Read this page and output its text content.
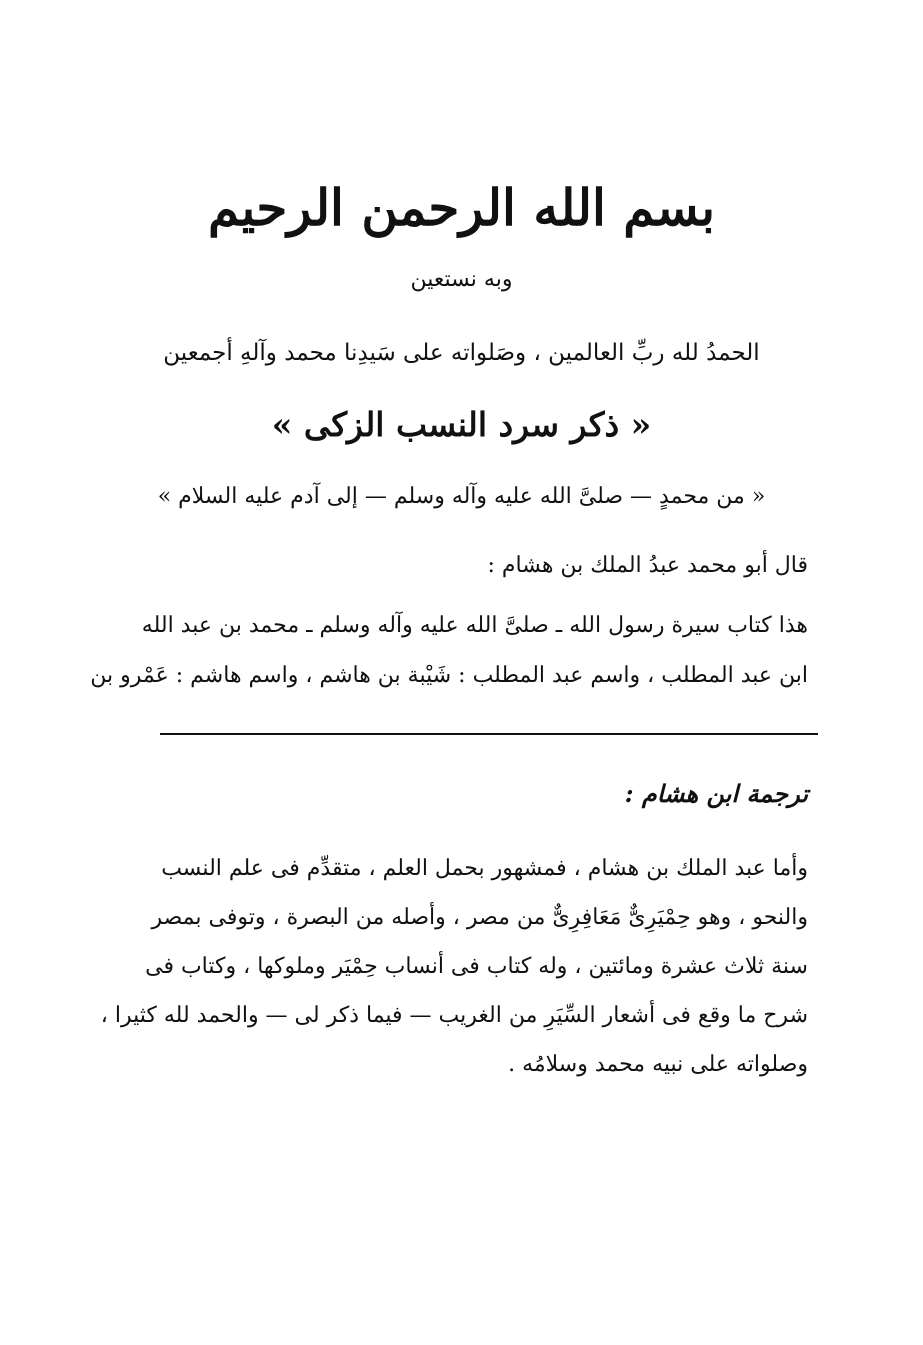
بسم الله الرحمن الرحيم
وبه نستعين
الحمدُ لله ربِّ العالمين ، وصَلواته على سَيدِنا محمد وآلهِ أجمعين
« ذكر سرد النسب الزكى »
« من محمدٍ — صلىَّ الله عليه وآله وسلم — إلى آدم عليه السلام »
قال أبو محمد عبدُ الملك بن هشام :
هذا كتاب سيرة رسول الله ـ صلىَّ الله عليه وآله وسلم ـ محمد بن عبد الله
ابن عبد المطلب ، واسم عبد المطلب : شَيْبة بن هاشم ، واسم هاشم : عَمْرو بن
ترجمة ابن هشام :

وأما عبد الملك بن هشام ، فمشهور بحمل العلم ، متقدِّم فى علم النسب

والنحو ، وهو حِمْيَرِىٌّ مَعَافِرِىٌّ من مصر ، وأصله من البصرة ، وتوفى بمصر

سنة ثلاث عشرة ومائتين ، وله كتاب فى أنساب حِمْيَر وملوكها ، وكتاب فى

شرح ما وقع فى أشعار السِّيَرِ من الغريب — فيما ذكر لى — والحمد لله كثيرا ،

وصلواته على نبيه محمد وسلامُه .
